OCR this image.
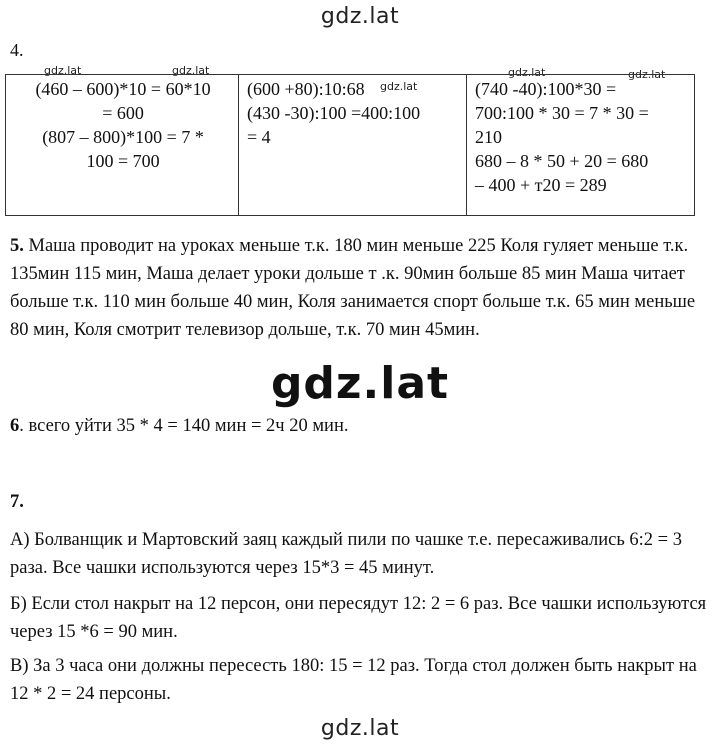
gdz.lat
4.
gdz.lat	gdz.lat
gdz.lat
gdz.lat	gdz.lat
(460 – 600)*10 = 60*10
= 600
(807 – 800)*100 = 7 *
100 = 700

(600 +80):10:68
(430 -30):100 =400:100
= 4

(740 -40):100*30 =
700:100 * 30 = 7 * 30 =
210
680 – 8 * 50 + 20 = 680
– 400 + т20 = 289
5. Маша проводит на уроках меньше т.к. 180 мин меньше 225 Коля гуляет меньше т.к. 135мин 115 мин, Маша делает уроки дольше т .к. 90мин больше 85 мин Маша читает больше т.к. 110 мин больше 40 мин, Коля занимается спорт больше т.к. 65 мин меньше 80 мин, Коля смотрит телевизор дольше, т.к. 70 мин 45мин.
gdz.lat
6. всего уйти 35 * 4 = 140 мин = 2ч 20 мин.
7.
А) Болванщик и Мартовский заяц каждый пили по чашке т.е. пересаживались 6:2 = 3 раза. Все чашки используются через 15*3 = 45 минут.
Б) Если стол накрыт на 12 персон, они пересядут 12: 2 = 6 раз. Все чашки используются через 15 *6 = 90 мин.
В) За 3 часа они должны пересесть 180: 15 = 12 раз. Тогда стол должен быть накрыт на 12 * 2 = 24 персоны.
gdz.lat
